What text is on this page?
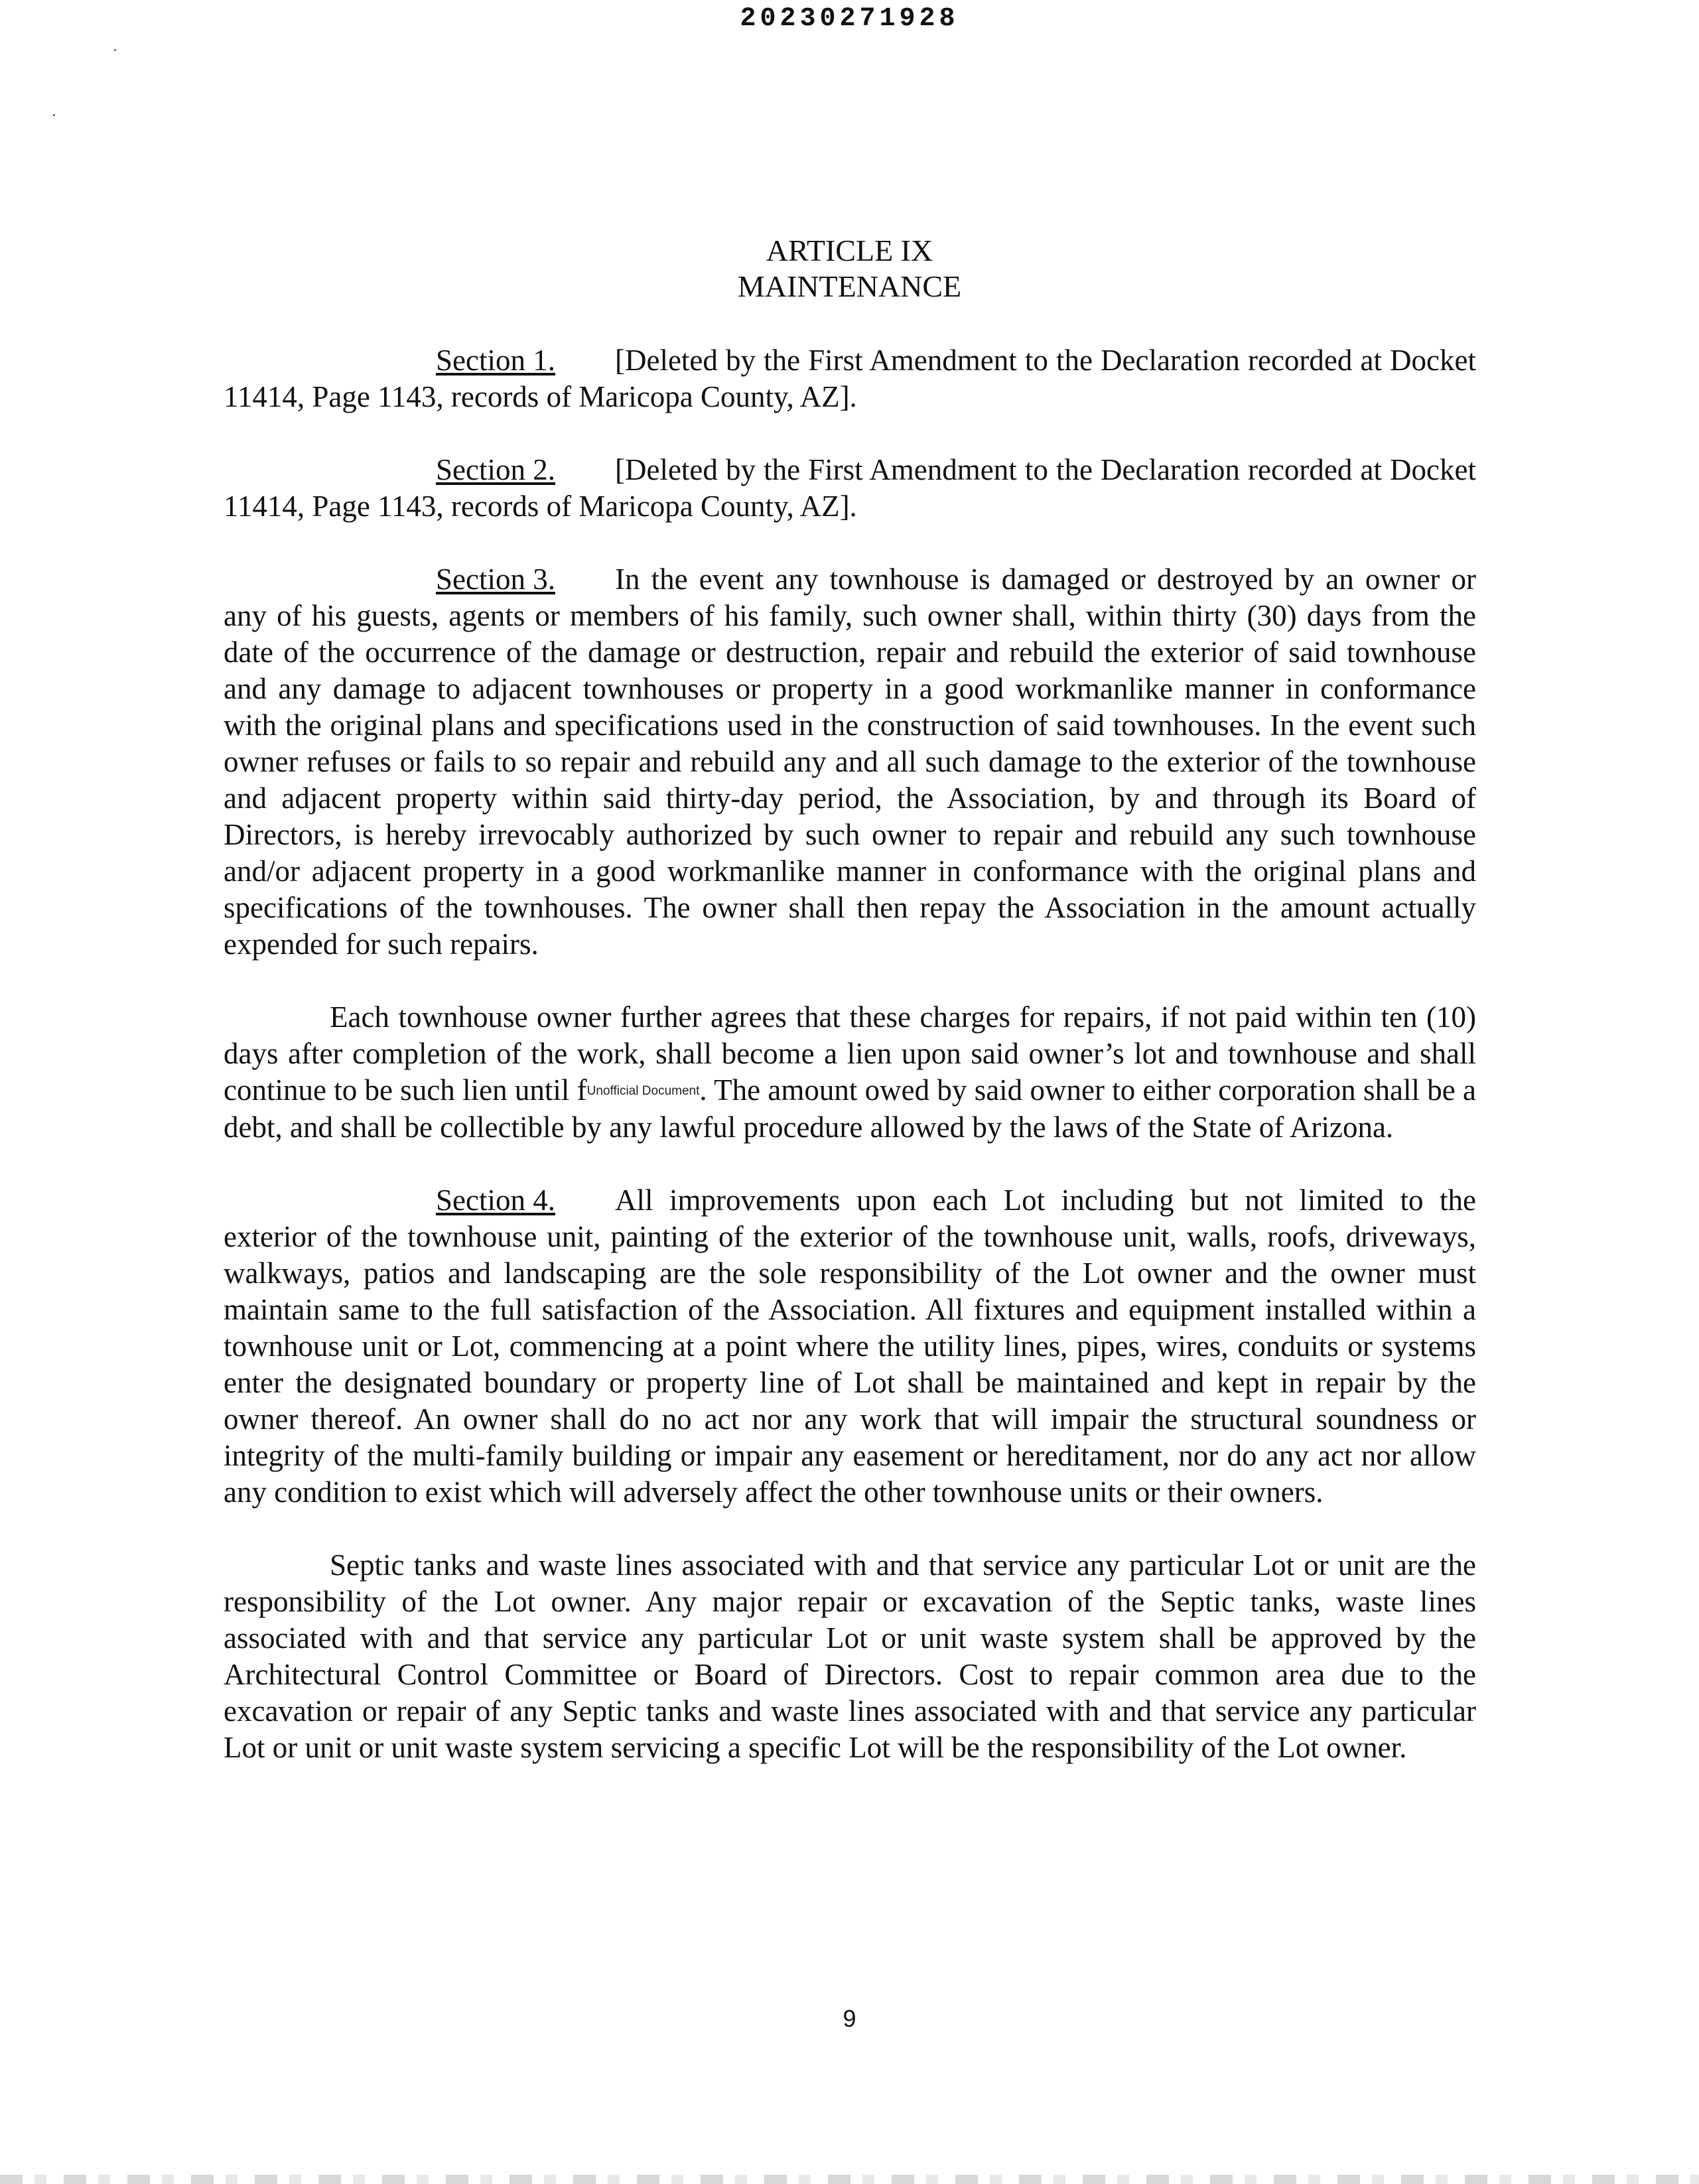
20230271928
ARTICLE IX
MAINTENANCE

Section 1. [Deleted by the First Amendment to the Declaration recorded at Docket 11414, Page 1143, records of Maricopa County, AZ].

Section 2. [Deleted by the First Amendment to the Declaration recorded at Docket 11414, Page 1143, records of Maricopa County, AZ].

Section 3. In the event any townhouse is damaged or destroyed by an owner or any of his guests, agents or members of his family, such owner shall, within thirty (30) days from the date of the occurrence of the damage or destruction, repair and rebuild the exterior of said townhouse and any damage to adjacent townhouses or property in a good workmanlike manner in conformance with the original plans and specifications used in the construction of said townhouses. In the event such owner refuses or fails to so repair and rebuild any and all such damage to the exterior of the townhouse and adjacent property within said thirty-day period, the Association, by and through its Board of Directors, is hereby irrevocably authorized by such owner to repair and rebuild any such townhouse and/or adjacent property in a good workmanlike manner in conformance with the original plans and specifications of the townhouses. The owner shall then repay the Association in the amount actually expended for such repairs.

Each townhouse owner further agrees that these charges for repairs, if not paid within ten (10) days after completion of the work, shall become a lien upon said owner’s lot and townhouse and shall continue to be such lien until fUnofficial Document. The amount owed by said owner to either corporation shall be a debt, and shall be collectible by any lawful procedure allowed by the laws of the State of Arizona.

Section 4. All improvements upon each Lot including but not limited to the exterior of the townhouse unit, painting of the exterior of the townhouse unit, walls, roofs, driveways, walkways, patios and landscaping are the sole responsibility of the Lot owner and the owner must maintain same to the full satisfaction of the Association. All fixtures and equipment installed within a townhouse unit or Lot, commencing at a point where the utility lines, pipes, wires, conduits or systems enter the designated boundary or property line of Lot shall be maintained and kept in repair by the owner thereof. An owner shall do no act nor any work that will impair the structural soundness or integrity of the multi-family building or impair any easement or hereditament, nor do any act nor allow any condition to exist which will adversely affect the other townhouse units or their owners.

Septic tanks and waste lines associated with and that service any particular Lot or unit are the responsibility of the Lot owner. Any major repair or excavation of the Septic tanks, waste lines associated with and that service any particular Lot or unit waste system shall be approved by the Architectural Control Committee or Board of Directors. Cost to repair common area due to the excavation or repair of any Septic tanks and waste lines associated with and that service any particular Lot or unit or unit waste system servicing a specific Lot will be the responsibility of the Lot owner.

9
